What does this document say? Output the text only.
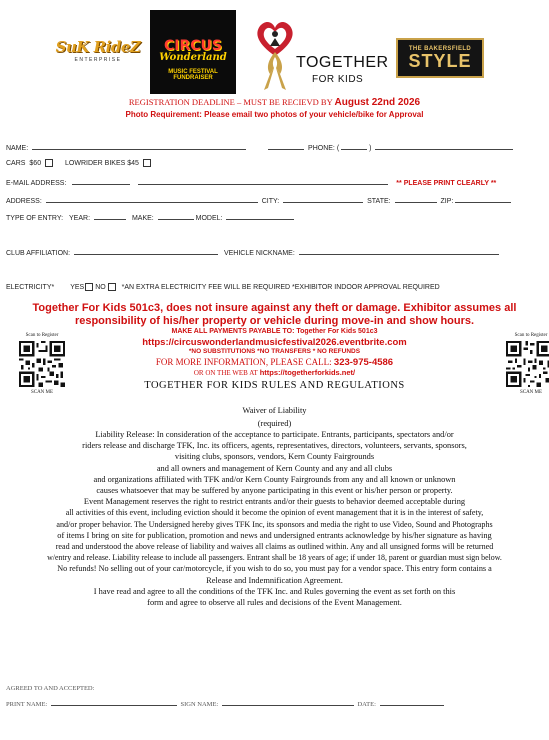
SuK RideZ
ENTERPRISE
CIRCUS
Wonderland
MUSIC FESTIVAL
FUNDRAISER
TOGETHER
FOR KIDS
THE BAKERSFIELD
STYLE
REGISTRATION DEADLINE – MUST BE RECIEVD BY August 22nd 2026
Photo Requirement: Please email two photos of your vehicle/bike for Approval
NAME:	PHONE: (	)
CARS $60	LOWRIDER BIKES $45
E-MAIL ADDRESS:	** PLEASE PRINT CLEARLY **
ADDRESS:	CITY:	STATE:	ZIP:
TYPE OF ENTRY: YEAR:	MAKE:	MODEL:
CLUB AFFILIATION:	VEHICLE NICKNAME:
ELECTRICITY* YES NO *AN EXTRA ELECTRICITY FEE WILL BE REQUIRED *EXHIBITOR INDOOR APPROVAL REQUIRED
Together For Kids 501c3, does not insure against any theft or damage. Exhibitor assumes all
responsibility of his/her property or vehicle during move-in and show hours.
Scan to Register
SCAN ME
Scan to Register
SCAN ME
MAKE ALL PAYMENTS PAYABLE TO: Together For Kids 501c3
https://circuswonderlandmusicfestival2026.eventbrite.com
*NO SUBSTITUTIONS *NO TRANSFERS * NO REFUNDS
FOR MORE INFORMATION, PLEASE CALL: 323-975-4586
OR ON THE WEB AT https://togetherforkids.net/
TOGETHER FOR KIDS RULES AND REGULATIONS
Waiver of Liability
(required)

Liability Release: In consideration of the acceptance to participate. Entrants, participants, spectators and/or

riders release and discharge TFK, Inc. its officers, agents, representatives, directors, volunteers, servants, sponsors,

visiting clubs, sponsors, vendors, Kern County Fairgrounds

and all owners and management of Kern County and any and all clubs

and organizations affiliated with TFK and/or Kern County Fairgrounds from any and all known or unknown

causes whatsoever that may be suffered by anyone participating in this event or his/her person or property.

Event Management reserves the right to restrict entrants and/or their guests to behavior deemed acceptable during

all activities of this event, including eviction should it become the opinion of event management that it is in the interest of safety,

and/or proper behavior. The Undersigned hereby gives TFK Inc, its sponsors and media the right to use Video, Sound and Photographs

of items I bring on site for publication, promotion and news and undersigned entrants acknowledge by his/her signature as having

read and understood the above release of liability and waives all claims as outlined within. Any and all unsigned forms will be returned

w/entry and release. Liability release to include all passengers. Entrant shall be 18 years of age; if under 18, parent or guardian must sign below.

No refunds! No selling out of your car/motorcycle, if you wish to do so, you must pay for a vendor space. This entry form contains a

Release and Indemnification Agreement.

I have read and agree to all the conditions of the TFK Inc. and Rules governing the event as set forth on this

form and agree to observe all rules and decisions of the Event Management.

AGREED TO AND ACCEPTED:
PRINT NAME:	SIGN NAME:	DATE:
